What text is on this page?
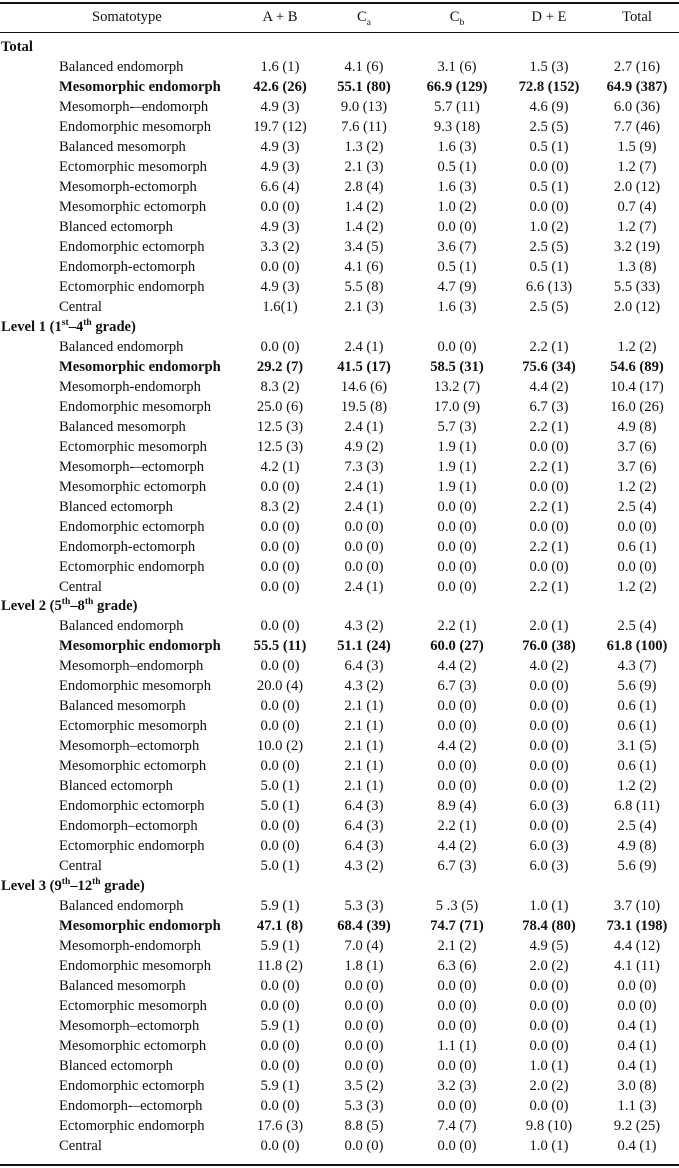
Somatotype	A + B	$C_a$	$C_b$	D + E	Total
Total
Balanced endomorph	1.6 (1)	4.1 (6)	3.1 (6)	1.5 (3)	2.7 (16)
Mesomorphic endomorph	42.6 (26)	55.1 (80)	66.9 (129)	72.8 (152)	64.9 (387)
Mesomorph-–endomorph	4.9 (3)	9.0 (13)	5.7 (11)	4.6 (9)	6.0 (36)
Endomorphic mesomorph	19.7 (12)	7.6 (11)	9.3 (18)	2.5 (5)	7.7 (46)
Balanced mesomorph	4.9 (3)	1.3 (2)	1.6 (3)	0.5 (1)	1.5 (9)
Ectomorphic mesomorph	4.9 (3)	2.1 (3)	0.5 (1)	0.0 (0)	1.2 (7)
Mesomorph-ectomorph	6.6 (4)	2.8 (4)	1.6 (3)	0.5 (1)	2.0 (12)
Mesomorphic ectomorph	0.0 (0)	1.4 (2)	1.0 (2)	0.0 (0)	0.7 (4)
Blanced ectomorph	4.9 (3)	1.4 (2)	0.0 (0)	1.0 (2)	1.2 (7)
Endomorphic ectomorph	3.3 (2)	3.4 (5)	3.6 (7)	2.5 (5)	3.2 (19)
Endomorph-ectomorph	0.0 (0)	4.1 (6)	0.5 (1)	0.5 (1)	1.3 (8)
Ectomorphic endomorph	4.9 (3)	5.5 (8)	4.7 (9)	6.6 (13)	5.5 (33)
Central	1.6(1)	2.1 (3)	1.6 (3)	2.5 (5)	2.0 (12)
Level 1 (1st–4th grade)
Balanced endomorph	0.0 (0)	2.4 (1)	0.0 (0)	2.2 (1)	1.2 (2)
Mesomorphic endomorph	29.2 (7)	41.5 (17)	58.5 (31)	75.6 (34)	54.6 (89)
Mesomorph-endomorph	8.3 (2)	14.6 (6)	13.2 (7)	4.4 (2)	10.4 (17)
Endomorphic mesomorph	25.0 (6)	19.5 (8)	17.0 (9)	6.7 (3)	16.0 (26)
Balanced mesomorph	12.5 (3)	2.4 (1)	5.7 (3)	2.2 (1)	4.9 (8)
Ectomorphic mesomorph	12.5 (3)	4.9 (2)	1.9 (1)	0.0 (0)	3.7 (6)
Mesomorph-–ectomorph	4.2 (1)	7.3 (3)	1.9 (1)	2.2 (1)	3.7 (6)
Mesomorphic ectomorph	0.0 (0)	2.4 (1)	1.9 (1)	0.0 (0)	1.2 (2)
Blanced ectomorph	8.3 (2)	2.4 (1)	0.0 (0)	2.2 (1)	2.5 (4)
Endomorphic ectomorph	0.0 (0)	0.0 (0)	0.0 (0)	0.0 (0)	0.0 (0)
Endomorph-ectomorph	0.0 (0)	0.0 (0)	0.0 (0)	2.2 (1)	0.6 (1)
Ectomorphic endomorph	0.0 (0)	0.0 (0)	0.0 (0)	0.0 (0)	0.0 (0)
Central	0.0 (0)	2.4 (1)	0.0 (0)	2.2 (1)	1.2 (2)
Level 2 (5th–8th grade)
Balanced endomorph	0.0 (0)	4.3 (2)	2.2 (1)	2.0 (1)	2.5 (4)
Mesomorphic endomorph	55.5 (11)	51.1 (24)	60.0 (27)	76.0 (38)	61.8 (100)
Mesomorph–endomorph	0.0 (0)	6.4 (3)	4.4 (2)	4.0 (2)	4.3 (7)
Endomorphic mesomorph	20.0 (4)	4.3 (2)	6.7 (3)	0.0 (0)	5.6 (9)
Balanced mesomorph	0.0 (0)	2.1 (1)	0.0 (0)	0.0 (0)	0.6 (1)
Ectomorphic mesomorph	0.0 (0)	2.1 (1)	0.0 (0)	0.0 (0)	0.6 (1)
Mesomorph–ectomorph	10.0 (2)	2.1 (1)	4.4 (2)	0.0 (0)	3.1 (5)
Mesomorphic ectomorph	0.0 (0)	2.1 (1)	0.0 (0)	0.0 (0)	0.6 (1)
Blanced ectomorph	5.0 (1)	2.1 (1)	0.0 (0)	0.0 (0)	1.2 (2)
Endomorphic ectomorph	5.0 (1)	6.4 (3)	8.9 (4)	6.0 (3)	6.8 (11)
Endomorph–ectomorph	0.0 (0)	6.4 (3)	2.2 (1)	0.0 (0)	2.5 (4)
Ectomorphic endomorph	0.0 (0)	6.4 (3)	4.4 (2)	6.0 (3)	4.9 (8)
Central	5.0 (1)	4.3 (2)	6.7 (3)	6.0 (3)	5.6 (9)
Level 3 (9th–12th grade)
Balanced endomorph	5.9 (1)	5.3 (3)	5 .3 (5)	1.0 (1)	3.7 (10)
Mesomorphic endomorph	47.1 (8)	68.4 (39)	74.7 (71)	78.4 (80)	73.1 (198)
Mesomorph-endomorph	5.9 (1)	7.0 (4)	2.1 (2)	4.9 (5)	4.4 (12)
Endomorphic mesomorph	11.8 (2)	1.8 (1)	6.3 (6)	2.0 (2)	4.1 (11)
Balanced mesomorph	0.0 (0)	0.0 (0)	0.0 (0)	0.0 (0)	0.0 (0)
Ectomorphic mesomorph	0.0 (0)	0.0 (0)	0.0 (0)	0.0 (0)	0.0 (0)
Mesomorph–ectomorph	5.9 (1)	0.0 (0)	0.0 (0)	0.0 (0)	0.4 (1)
Mesomorphic ectomorph	0.0 (0)	0.0 (0)	1.1 (1)	0.0 (0)	0.4 (1)
Blanced ectomorph	0.0 (0)	0.0 (0)	0.0 (0)	1.0 (1)	0.4 (1)
Endomorphic ectomorph	5.9 (1)	3.5 (2)	3.2 (3)	2.0 (2)	3.0 (8)
Endomorph-–ectomorph	0.0 (0)	5.3 (3)	0.0 (0)	0.0 (0)	1.1 (3)
Ectomorphic endomorph	17.6 (3)	8.8 (5)	7.4 (7)	9.8 (10)	9.2 (25)
Central	0.0 (0)	0.0 (0)	0.0 (0)	1.0 (1)	0.4 (1)
